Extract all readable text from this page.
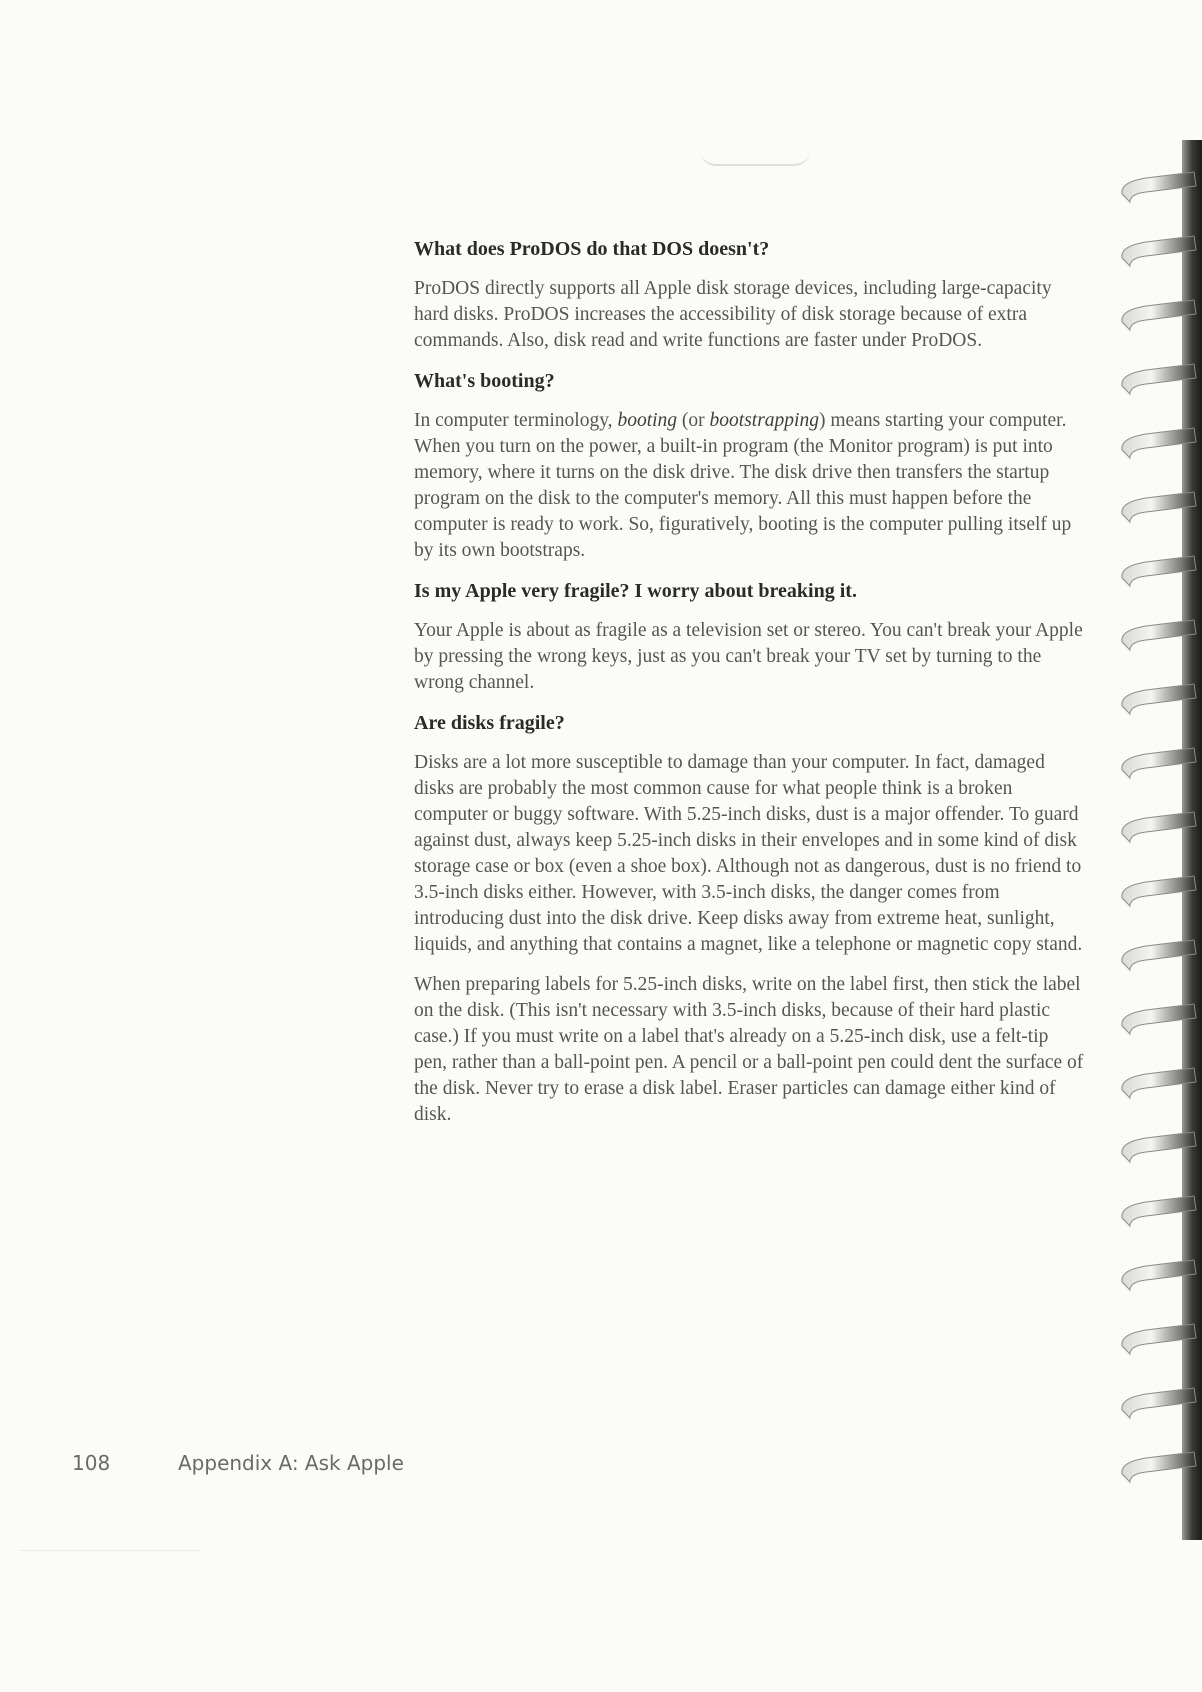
What does ProDOS do that DOS doesn't?

ProDOS directly supports all Apple disk storage devices, including large-capacity hard disks. ProDOS increases the accessibility of disk storage because of extra commands. Also, disk read and write functions are faster under ProDOS.

What's booting?

In computer terminology, booting (or bootstrapping) means starting your computer. When you turn on the power, a built-in program (the Monitor program) is put into memory, where it turns on the disk drive. The disk drive then transfers the startup program on the disk to the computer's memory. All this must happen before the computer is ready to work. So, figuratively, booting is the computer pulling itself up by its own bootstraps.

Is my Apple very fragile? I worry about breaking it.

Your Apple is about as fragile as a television set or stereo. You can't break your Apple by pressing the wrong keys, just as you can't break your TV set by turning to the wrong channel.

Are disks fragile?

Disks are a lot more susceptible to damage than your computer. In fact, damaged disks are probably the most common cause for what people think is a broken computer or buggy software. With 5.25-inch disks, dust is a major offender. To guard against dust, always keep 5.25-inch disks in their envelopes and in some kind of disk storage case or box (even a shoe box). Although not as dangerous, dust is no friend to 3.5-inch disks either. However, with 3.5-inch disks, the danger comes from introducing dust into the disk drive. Keep disks away from extreme heat, sunlight, liquids, and anything that contains a magnet, like a telephone or magnetic copy stand.

When preparing labels for 5.25-inch disks, write on the label first, then stick the label on the disk. (This isn't necessary with 3.5-inch disks, because of their hard plastic case.) If you must write on a label that's already on a 5.25-inch disk, use a felt-tip pen, rather than a ball-point pen. A pencil or a ball-point pen could dent the surface of the disk. Never try to erase a disk label. Eraser particles can damage either kind of disk.

108	Appendix A: Ask Apple
